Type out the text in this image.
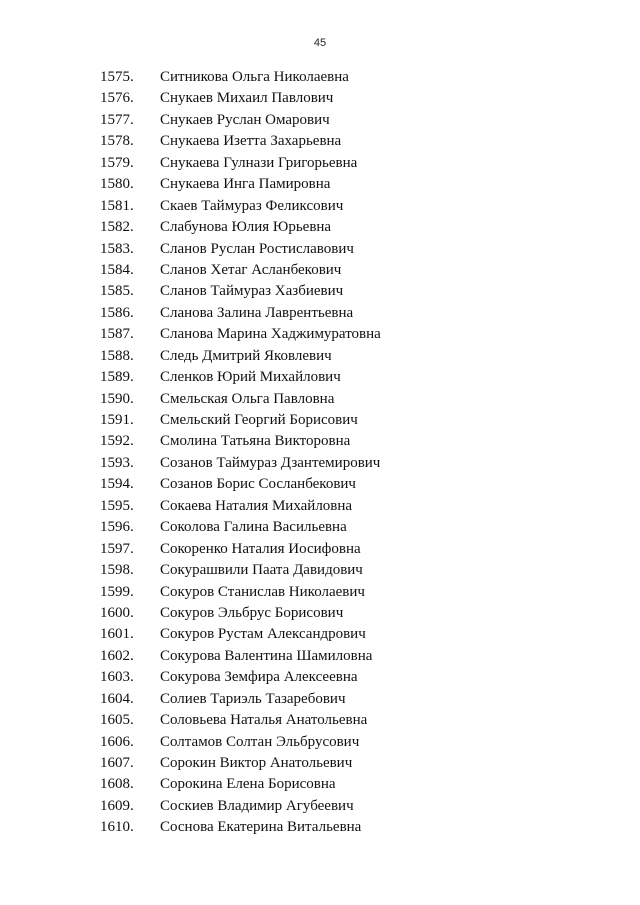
45
1575.	Ситникова Ольга Николаевна
1576.	Снукаев Михаил Павлович
1577.	Снукаев Руслан Омарович
1578.	Снукаева Изетта Захарьевна
1579.	Снукаева Гулнази Григорьевна
1580.	Снукаева Инга Памировна
1581.	Скаев Таймураз Феликсович
1582.	Слабунова Юлия Юрьевна
1583.	Сланов Руслан Ростиславович
1584.	Сланов Хетаг Асланбекович
1585.	Сланов Таймураз Хазбиевич
1586.	Сланова Залина Лаврентьевна
1587.	Сланова Марина Хаджимуратовна
1588.	Следь Дмитрий Яковлевич
1589.	Сленков Юрий Михайлович
1590.	Смельская Ольга Павловна
1591.	Смельский Георгий Борисович
1592.	Смолина Татьяна Викторовна
1593.	Созанов Таймураз Дзантемирович
1594.	Созанов Борис Сосланбекович
1595.	Сокаева Наталия Михайловна
1596.	Соколова Галина Васильевна
1597.	Сокоренко Наталия Иосифовна
1598.	Сокурашвили Паата Давидович
1599.	Сокуров Станислав Николаевич
1600.	Сокуров Эльбрус Борисович
1601.	Сокуров Рустам Александрович
1602.	Сокурова Валентина Шамиловна
1603.	Сокурова Земфира Алексеевна
1604.	Солиев Тариэль Тазаребович
1605.	Соловьева Наталья Анатольевна
1606.	Солтамов Солтан Эльбрусович
1607.	Сорокин Виктор Анатольевич
1608.	Сорокина Елена Борисовна
1609.	Соскиев Владимир Агубеевич
1610.	Соснова Екатерина Витальевна
